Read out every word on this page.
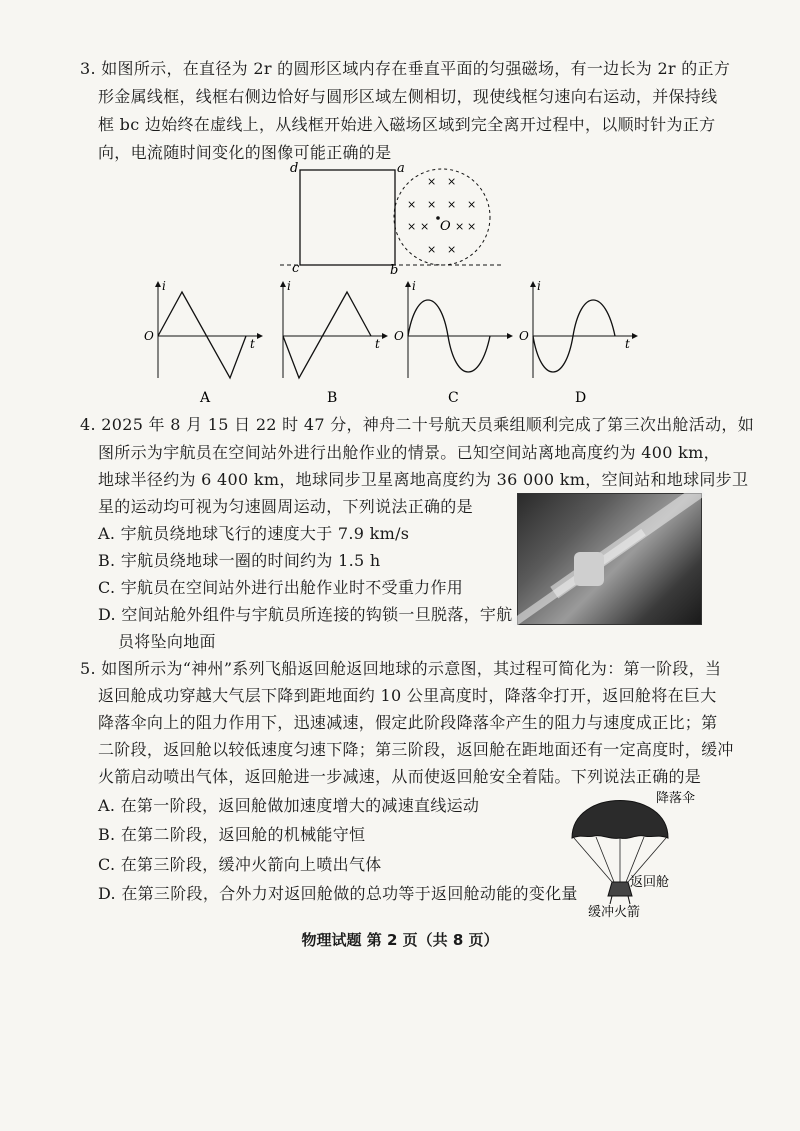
3. 如图所示，在直径为 2r 的圆形区域内存在垂直平面的匀强磁场，有一边长为 2r 的正方
形金属线框，线框右侧边恰好与圆形区域左侧相切，现使线框匀速向右运动，并保持线
框 bc 边始终在虚线上，从线框开始进入磁场区域到完全离开过程中，以顺时针为正方
向，电流随时间变化的图像可能正确的是
d	a
c	b
O
× ×
× × × ×
× × × ×
× ×
i
t
O
A
i
t
B
i
O
C
i
t
O
D
4. 2025 年 8 月 15 日 22 时 47 分，神舟二十号航天员乘组顺利完成了第三次出舱活动，如
图所示为宇航员在空间站外进行出舱作业的情景。已知空间站离地高度约为 400 km，
地球半径约为 6 400 km，地球同步卫星离地高度约为 36 000 km，空间站和地球同步卫
星的运动均可视为匀速圆周运动，下列说法正确的是
A. 宇航员绕地球飞行的速度大于 7.9 km/s
B. 宇航员绕地球一圈的时间约为 1.5 h
C. 宇航员在空间站外进行出舱作业时不受重力作用
D. 空间站舱外组件与宇航员所连接的钩锁一旦脱落，宇航
员将坠向地面
5. 如图所示为“神州”系列飞船返回舱返回地球的示意图，其过程可简化为：第一阶段，当
返回舱成功穿越大气层下降到距地面约 10 公里高度时，降落伞打开，返回舱将在巨大
降落伞向上的阻力作用下，迅速减速，假定此阶段降落伞产生的阻力与速度成正比；第
二阶段，返回舱以较低速度匀速下降；第三阶段，返回舱在距地面还有一定高度时，缓冲
火箭启动喷出气体，返回舱进一步减速，从而使返回舱安全着陆。下列说法正确的是
A. 在第一阶段，返回舱做加速度增大的减速直线运动
B. 在第二阶段，返回舱的机械能守恒
C. 在第三阶段，缓冲火箭向上喷出气体
D. 在第三阶段，合外力对返回舱做的总功等于返回舱动能的变化量
降落伞
返回舱
缓冲火箭
物理试题 第 2 页（共 8 页）
